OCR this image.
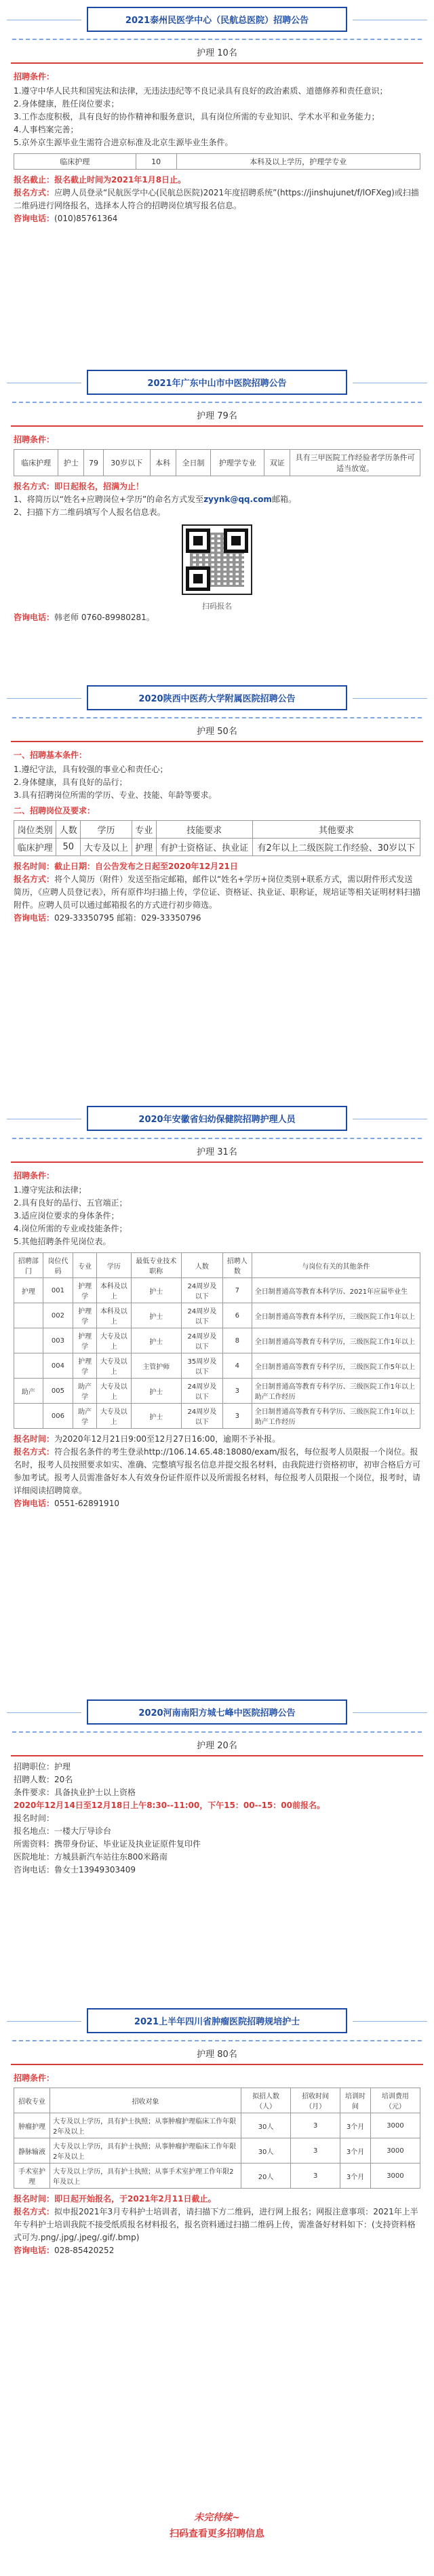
2021泰州民医学中心（民航总医院）招聘公告
护理 10名
招聘条件：

1.遵守中华人民共和国宪法和法律，无违法违纪等不良记录具有良好的政治素质、道德修养和责任意识；

2.身体健康，胜任岗位要求；

3.工作态度积极，具有良好的协作精神和服务意识，具有岗位所需的专业知识、学术水平和业务能力；

4.人事档案完善；

5.京外京生源毕业生需符合进京标准及北京生源毕业生条件。

临床护理	10	本科及以上学历，护理学专业

报名截止：报名截止时间为2021年1月8日止。

报名方式：应聘人员登录“民航医学中心(民航总医院)2021年度招聘系统”(https://jinshujunet/f/lOFXeg)或扫描二维码进行网络报名，选择本人符合的招聘岗位填写报名信息。

咨询电话：(010)85761364

2021年广东中山市中医院招聘公告
护理 79名
招聘条件：
临床护理	护士	79	30岁以下	本科	全日制	护理学专业	双证	具有三甲医院工作经验者学历条件可适当放宽。

报名方式：即日起报名，招满为止！

1、将简历以“姓名+应聘岗位+学历”的命名方式发至zyynk@qq.com邮箱。

2、扫描下方二维码填写个人报名信息表。

扫码报名

咨询电话：韩老师 0760-89980281。

2020陕西中医药大学附属医院招聘公告
护理 50名
一、招聘基本条件：

1.遵纪守法，具有较强的事业心和责任心；

2.身体健康，具有良好的品行；

3.具有招聘岗位所需的学历、专业、技能、年龄等要求。

二、招聘岗位及要求：
岗位类别	人数	学历	专业	技能要求	其他要求
临床护理	50	大专及以上	护理	有护士资格证、执业证	有2年以上二级医院工作经验、30岁以下

报名时间：截止日期：自公告发布之日起至2020年12月21日

报名方式：将个人简历（附件）发送至指定邮箱，邮件以“姓名+学历+岗位类别+联系方式，需以附件形式发送简历，《应聘人员登记表》，所有原件均扫描上传，学位证、资格证、执业证、职称证，规培证等相关证明材料扫描附件。应聘人员可以通过邮箱报名的方式进行初步筛选。

咨询电话：029-33350795 邮箱：029-33350796

2020年安徽省妇幼保健院招聘护理人员
护理 31名
招聘条件：

1.遵守宪法和法律；

2.具有良好的品行、五官端正；

3.适应岗位要求的身体条件；

4.岗位所需的专业或技能条件；

5.其他招聘条件见岗位表。

招聘部门	岗位代码	专业	学历	最低专业技术职称	人数	招聘人数	与岗位有关的其他条件
护理	001	护理学	本科及以上	护士	24周岁及以下	7	全日制普通高等教育本科学历、2021年应届毕业生
	002	护理学	本科及以上	护士	24周岁及以下	6	全日制普通高等教育本科学历，三级医院工作1年以上
	003	护理学	大专及以上	护士	24周岁及以下	8	全日制普通高等教育专科学历，三级医院工作1年以上
	004	护理学	大专及以上	主管护师	35周岁及以下	4	全日制普通高等教育专科学历，三级医院工作5年以上
助产	005	助产学	大专及以上	护士	24周岁及以下	3	全日制普通高等教育专科学历、三级医院工作1年以上助产工作经历
	006	助产学	大专及以上	护士	24周岁及以下	3	全日制普通高等教育专科学历、三级医院工作1年以上助产工作经历

报名时间：为2020年12月21日9:00至12月27日16:00，逾期不予补报。

报名方式：符合报名条件的考生登录http://106.14.65.48:18080/exam/报名，每位报考人员限报一个岗位。报名时，报考人员按照要求如实、准确、完整填写报名信息并提交报名材料，由我院进行资格初审，初审合格后方可参加考试。报考人员需准备好本人有效身份证件原件以及所需报名材料，每位报考人员限报一个岗位，报考时，请详细阅读招聘简章。

咨询电话：0551-62891910

2020河南南阳方城七峰中医院招聘公告
护理 20名

招聘职位：护理

招聘人数：20名

条件要求：具备执业护士以上资格

2020年12月14日至12月18日上午8:30--11:00，下午15：00--15：00前报名。

报名时间：

报名地点：一楼大厅导诊台

所需资料：携带身份证、毕业证及执业证原件复印件

医院地址：方城县新汽车站往东800米路南

咨询电话：鲁女士13949303409

2021上半年四川省肿瘤医院招聘规培护士
护理 80名
招聘条件：
招收专业	招收对象	拟招人数（人）	招收时间（月）	培训时间	培训费用（元）
肿瘤护理	大专及以上学历，具有护士执照；从事肿瘤护理临床工作年限2年及以上	30人	3	3个月	3000
静脉输液	大专及以上学历，具有护士执照；从事肿瘤护理临床工作年限2年及以上	30人	3	3个月	3000
手术室护理	大专及以上学历，具有护士执照；从事手术室护理工作年限2年及以上	20人	3	3个月	3000

报名时间：即日起开始报名，于2021年2月11日截止。

报名方式：拟申报2021年3月专科护士培训者，请扫描下方二维码，进行网上报名；网报注意事项：2021年上半年专科护士培训我院不接受纸质报名材料报名，报名资料通过扫描二维码上传，需准备好材料如下：(支持资料格式可为.png/.jpg/.jpeg/.gif/.bmp)

咨询电话：028-85420252

未完待续~
扫码查看更多招聘信息
